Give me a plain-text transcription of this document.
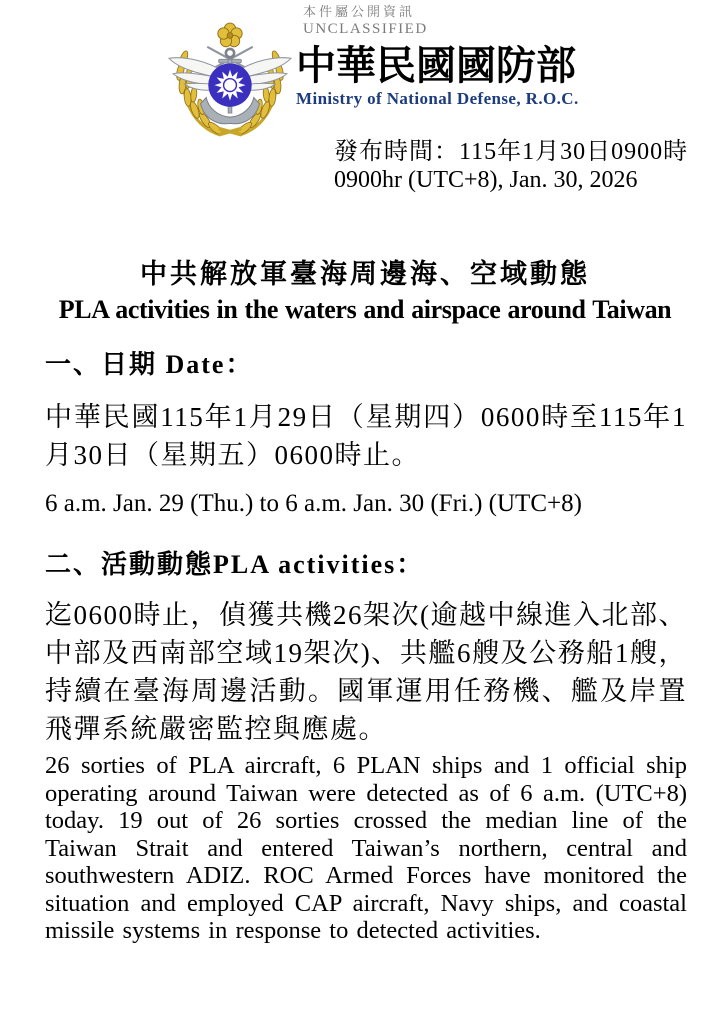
本件屬公開資訊
UNCLASSIFIED
中華民國國防部
Ministry of National Defense, R.O.C.
發布時間：115年1月30日0900時
0900hr (UTC+8), Jan. 30, 2026
中共解放軍臺海周邊海、空域動態
PLA activities in the waters and airspace around Taiwan
一、日期 Date：
中華民國115年1月29日（星期四）0600時至115年1月30日（星期五）0600時止。
6 a.m. Jan. 29 (Thu.) to 6 a.m. Jan. 30 (Fri.) (UTC+8)
二、活動動態PLA activities：
迄0600時止，偵獲共機26架次(逾越中線進入北部、中部及西南部空域19架次)、共艦6艘及公務船1艘，持續在臺海周邊活動。國軍運用任務機、艦及岸置飛彈系統嚴密監控與應處。
26 sorties of PLA aircraft, 6 PLAN ships and 1 official ship operating around Taiwan were detected as of 6 a.m. (UTC+8) today. 19 out of 26 sorties crossed the median line of the Taiwan Strait and entered Taiwan’s northern, central and southwestern ADIZ. ROC Armed Forces have monitored the situation and employed CAP aircraft, Navy ships, and coastal missile systems in response to detected activities.
